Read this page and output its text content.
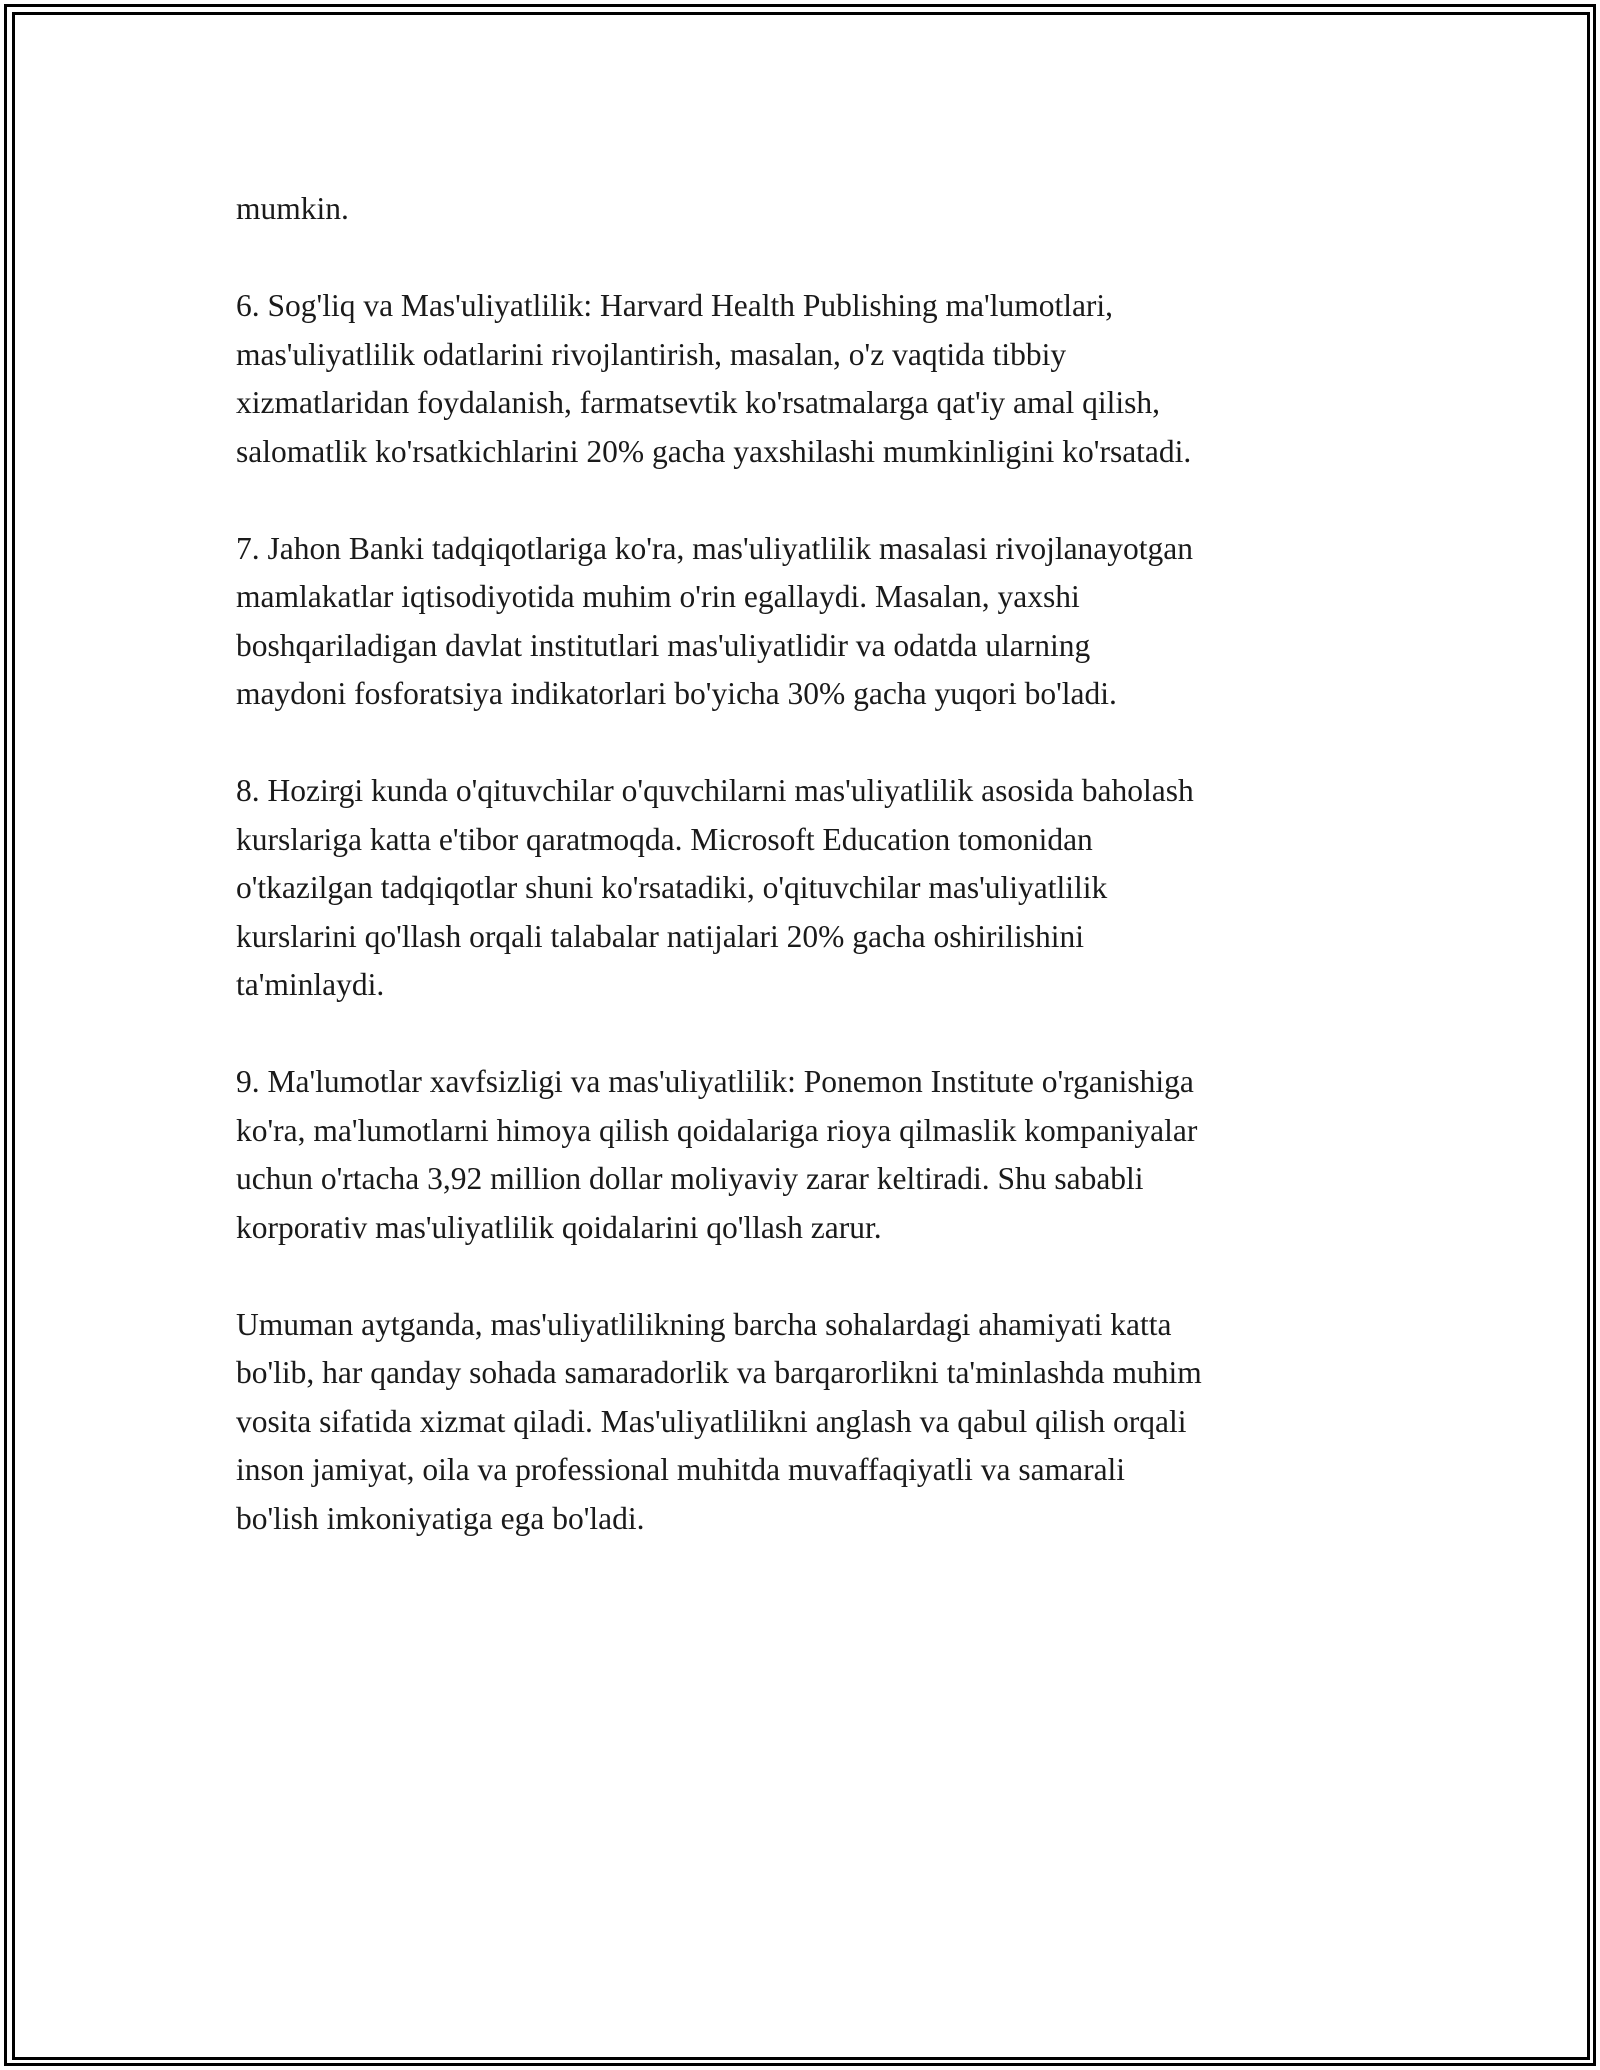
mumkin.

6. Sog'liq va Mas'uliyatlilik: Harvard Health Publishing ma'lumotlari,
mas'uliyatlilik odatlarini rivojlantirish, masalan, o'z vaqtida tibbiy
xizmatlaridan foydalanish, farmatsevtik ko'rsatmalarga qat'iy amal qilish,
salomatlik ko'rsatkichlarini 20% gacha yaxshilashi mumkinligini ko'rsatadi.

7. Jahon Banki tadqiqotlariga ko'ra, mas'uliyatlilik masalasi rivojlanayotgan
mamlakatlar iqtisodiyotida muhim o'rin egallaydi. Masalan, yaxshi
boshqariladigan davlat institutlari mas'uliyatlidir va odatda ularning
maydoni fosforatsiya indikatorlari bo'yicha 30% gacha yuqori bo'ladi.

8. Hozirgi kunda o'qituvchilar o'quvchilarni mas'uliyatlilik asosida baholash
kurslariga katta e'tibor qaratmoqda. Microsoft Education tomonidan
o'tkazilgan tadqiqotlar shuni ko'rsatadiki, o'qituvchilar mas'uliyatlilik
kurslarini qo'llash orqali talabalar natijalari 20% gacha oshirilishini
ta'minlaydi.

9. Ma'lumotlar xavfsizligi va mas'uliyatlilik: Ponemon Institute o'rganishiga
ko'ra, ma'lumotlarni himoya qilish qoidalariga rioya qilmaslik kompaniyalar
uchun o'rtacha 3,92 million dollar moliyaviy zarar keltiradi. Shu sababli
korporativ mas'uliyatlilik qoidalarini qo'llash zarur.

Umuman aytganda, mas'uliyatlilikning barcha sohalardagi ahamiyati katta
bo'lib, har qanday sohada samaradorlik va barqarorlikni ta'minlashda muhim
vosita sifatida xizmat qiladi. Mas'uliyatlilikni anglash va qabul qilish orqali
inson jamiyat, oila va professional muhitda muvaffaqiyatli va samarali
bo'lish imkoniyatiga ega bo'ladi.
